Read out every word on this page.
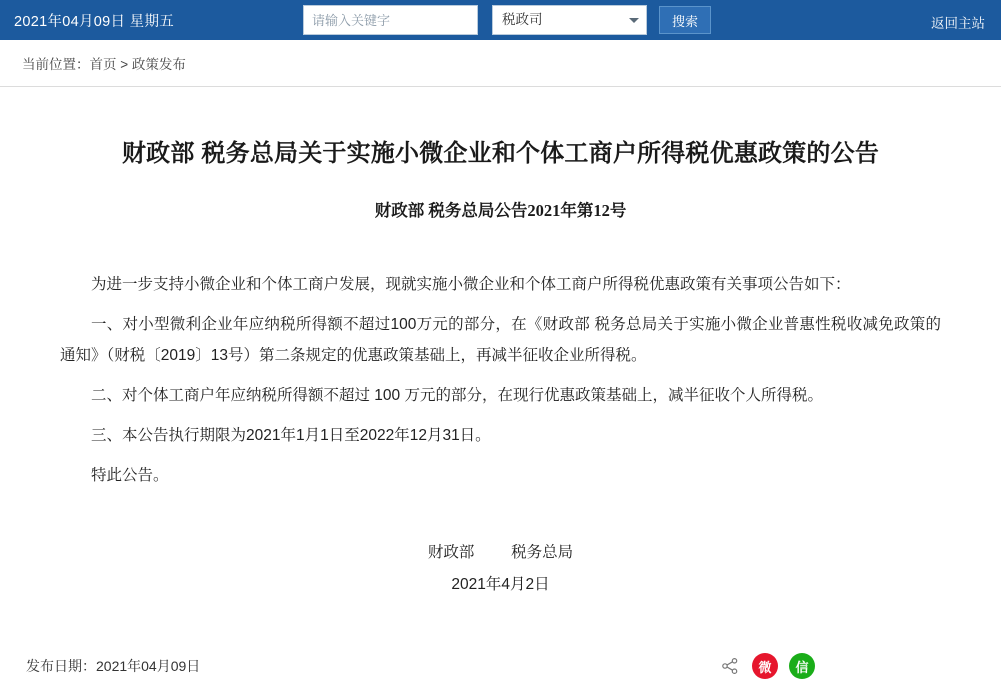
2021年04月09日 星期五
请输入关键字	税政司	搜索	返回主站
当前位置：首页 > 政策发布
财政部 税务总局关于实施小微企业和个体工商户所得税优惠政策的公告
财政部 税务总局公告2021年第12号

为进一步支持小微企业和个体工商户发展，现就实施小微企业和个体工商户所得税优惠政策有关事项公告如下：

一、对小型微利企业年应纳税所得额不超过100万元的部分，在《财政部 税务总局关于实施小微企业普惠性税收减免政策的通知》（财税〔2019〕13号）第二条规定的优惠政策基础上，再减半征收企业所得税。

二、对个体工商户年应纳税所得额不超过 100 万元的部分，在现行优惠政策基础上，减半征收个人所得税。

三、本公告执行期限为2021年1月1日至2022年12月31日。

特此公告。

财政部 税务总局
2021年4月2日
发布日期：2021年04月09日	微	信
